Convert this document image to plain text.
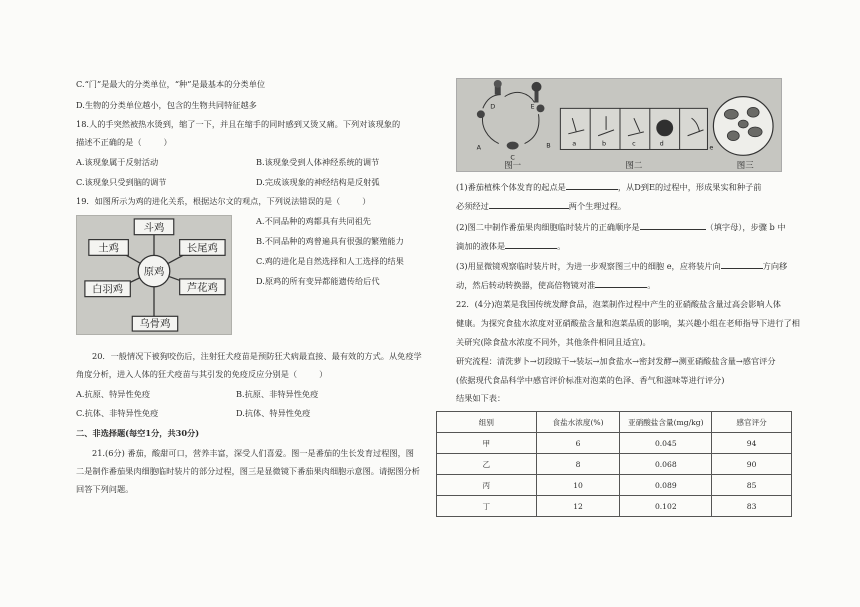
C.“门”是最大的分类单位，“种”是最基本的分类单位
D.生物的分类单位越小，包含的生物共同特征越多
18.人的手突然被热水烫到，缩了一下，并且在缩手的同时感到又烫又痛。下列对该现象的
描述不正确的是（	）
A.该现象属于反射活动	B.该现象受到人体神经系统的调节
C.该现象只受到脑的调节	D.完成该现象的神经结构是反射弧
19．如图所示为鸡的进化关系，根据达尔文的观点，下列说法错误的是（	）
斗鸡
土鸡	长尾鸡
原鸡
白羽鸡	芦花鸡
乌骨鸡
A.不同品种的鸡都具有共同祖先
B.不同品种的鸡曾遍具有很强的繁殖能力
C.鸡的进化是自然选择和人工选择的结果
D.原鸡的所有变异都能遗传给后代
20．一般情况下被狗咬伤后，注射狂犬疫苗是预防狂犬病最直接、最有效的方式。从免疫学
角度分析，进入人体的狂犬疫苗与其引发的免疫反应分别是（	）
A.抗原、特异性免疫	B.抗原、非特异性免疫
C.抗体、非特异性免疫	D.抗体、特异性免疫
二、非选择题(每空1分，共30分)
21.(6分) 番茄，酸甜可口，营养丰富，深受人们喜爱。图一是番茄的生长发育过程图，图
二是制作番茄果肉细胞临时装片的部分过程，图三是显微镜下番茄果肉细胞示意图。请据图分析
回答下列问题。
D	E
B
A
C
图一
a	b	c	d	e
图二	图三
(1)番茄植株个体发育的起点是	，从D到E的过程中，形成果实和种子前
必须经过	两个生理过程。
(2)图二中制作番茄果肉细胞临时装片的正确顺序是	（填字母），步骤 b 中
滴加的液体是	。
(3)用显微镜观察临时装片时，为进一步观察图三中的细胞 e，应将装片向	方向移
动，然后转动转换器，使高倍物镜对准	。
22．(4分)泡菜是我国传统发酵食品，泡菜制作过程中产生的亚硝酸盐含量过高会影响人体
健康。为探究食盐水浓度对亚硝酸盐含量和泡菜品质的影响，某兴趣小组在老师指导下进行了相
关研究(除食盐水浓度不同外，其他条件相同且适宜)。
研究流程：清洗萝卜→切段晾干→装坛→加食盐水→密封发酵→测亚硝酸盐含量→感官评分
(依据现代食品科学中感官评价标准对泡菜的色泽、香气和滋味等进行评分)
结果如下表：
组别	食盐水浓度(%)	亚硝酸盐含量(mg/kg)	感官评分
甲	6	0.045	94
乙	8	0.068	90
丙	10	0.089	85
丁	12	0.102	83
